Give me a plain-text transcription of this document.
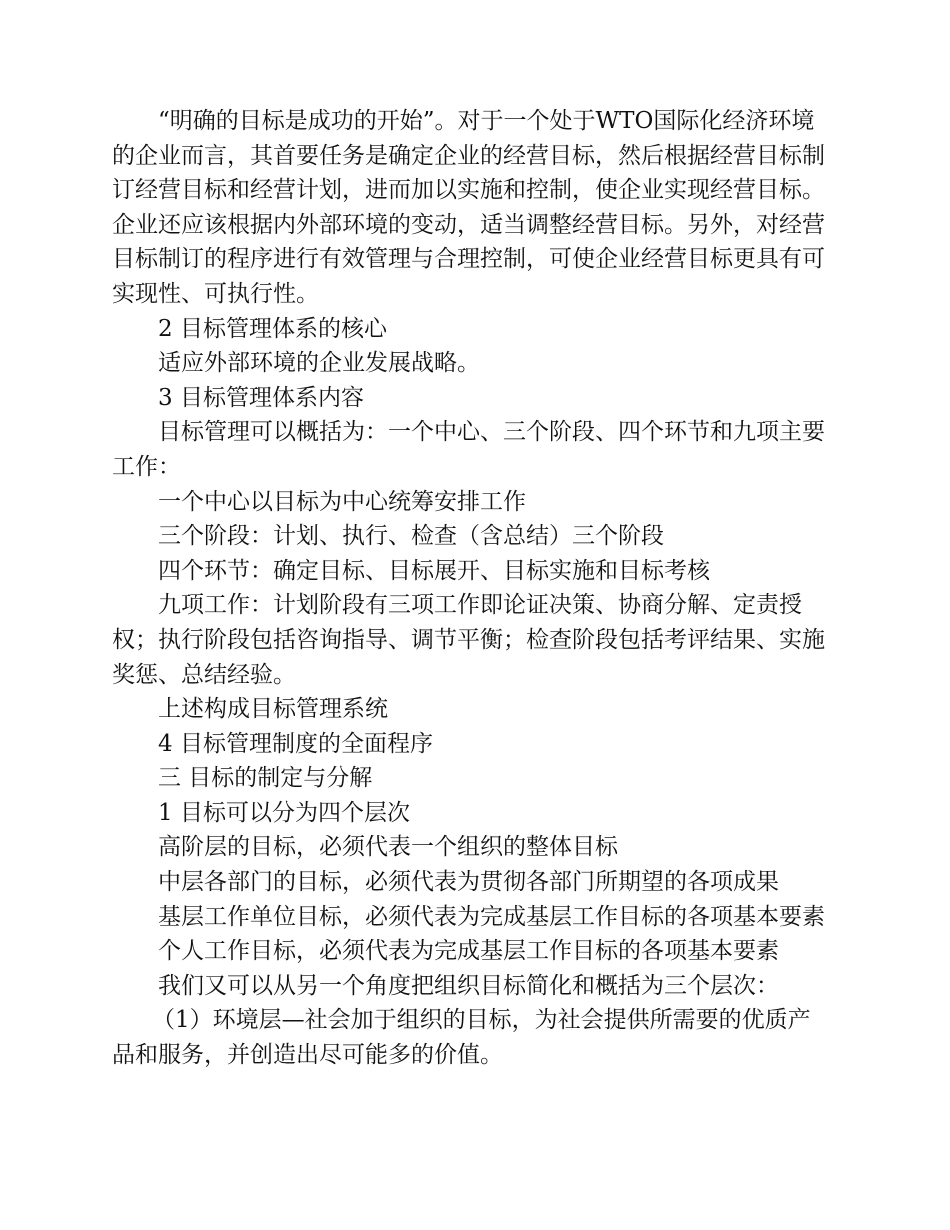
“明确的目标是成功的开始”。对于一个处于WTO国际化经济环境
的企业而言，其首要任务是确定企业的经营目标，然后根据经营目标制
订经营目标和经营计划，进而加以实施和控制，使企业实现经营目标。
企业还应该根据内外部环境的变动，适当调整经营目标。另外，对经营
目标制订的程序进行有效管理与合理控制，可使企业经营目标更具有可
实现性、可执行性。

2 目标管理体系的核心

适应外部环境的企业发展战略。

3 目标管理体系内容

目标管理可以概括为：一个中心、三个阶段、四个环节和九项主要
工作：

一个中心以目标为中心统筹安排工作

三个阶段：计划、执行、检查（含总结）三个阶段

四个环节：确定目标、目标展开、目标实施和目标考核

九项工作：计划阶段有三项工作即论证决策、协商分解、定责授
权；执行阶段包括咨询指导、调节平衡；检查阶段包括考评结果、实施
奖惩、总结经验。

上述构成目标管理系统

4 目标管理制度的全面程序

三 目标的制定与分解

1 目标可以分为四个层次

高阶层的目标，必须代表一个组织的整体目标

中层各部门的目标，必须代表为贯彻各部门所期望的各项成果

基层工作单位目标，必须代表为完成基层工作目标的各项基本要素

个人工作目标，必须代表为完成基层工作目标的各项基本要素

我们又可以从另一个角度把组织目标简化和概括为三个层次：

（1）环境层—社会加于组织的目标，为社会提供所需要的优质产
品和服务，并创造出尽可能多的价值。
